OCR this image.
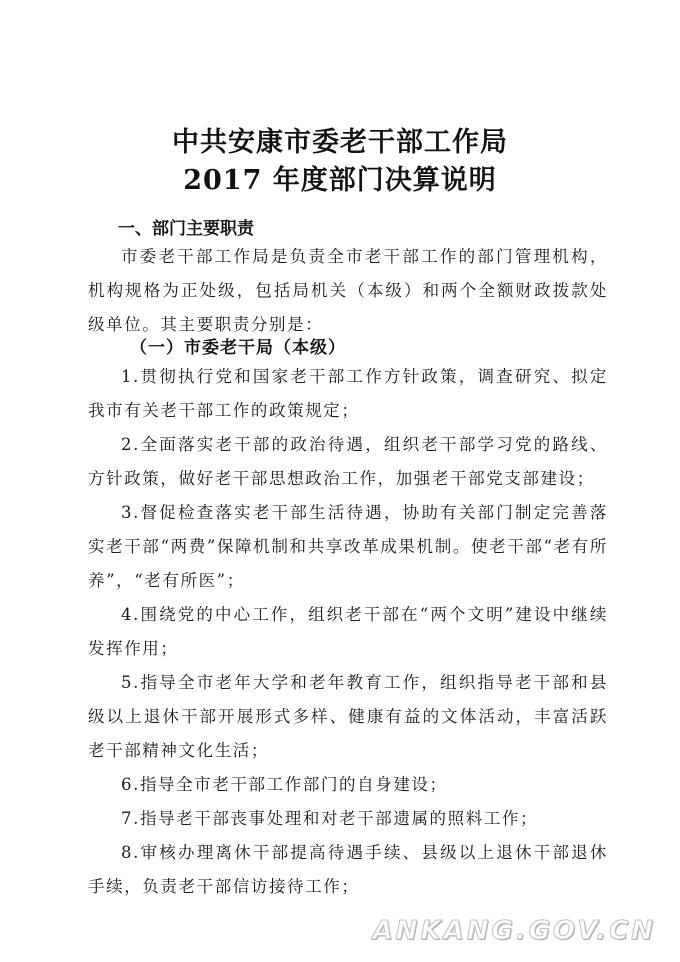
中共安康市委老干部工作局
2017 年度部门决算说明
一、部门主要职责

市委老干部工作局是负责全市老干部工作的部门管理机构，机构规格为正处级，包括局机关（本级）和两个全额财政拨款处级单位。其主要职责分别是：

（一）市委老干局（本级）

1.贯彻执行党和国家老干部工作方针政策，调查研究、拟定我市有关老干部工作的政策规定；

2.全面落实老干部的政治待遇，组织老干部学习党的路线、方针政策，做好老干部思想政治工作，加强老干部党支部建设；

3.督促检查落实老干部生活待遇，协助有关部门制定完善落实老干部“两费”保障机制和共享改革成果机制。使老干部“老有所养”，“老有所医”；

4.围绕党的中心工作，组织老干部在“两个文明”建设中继续发挥作用；

5.指导全市老年大学和老年教育工作，组织指导老干部和县级以上退休干部开展形式多样、健康有益的文体活动，丰富活跃老干部精神文化生活；

6.指导全市老干部工作部门的自身建设；

7.指导老干部丧事处理和对老干部遗属的照料工作；

8.审核办理离休干部提高待遇手续、县级以上退休干部退休手续，负责老干部信访接待工作；

ANKANG.GOV.CN
